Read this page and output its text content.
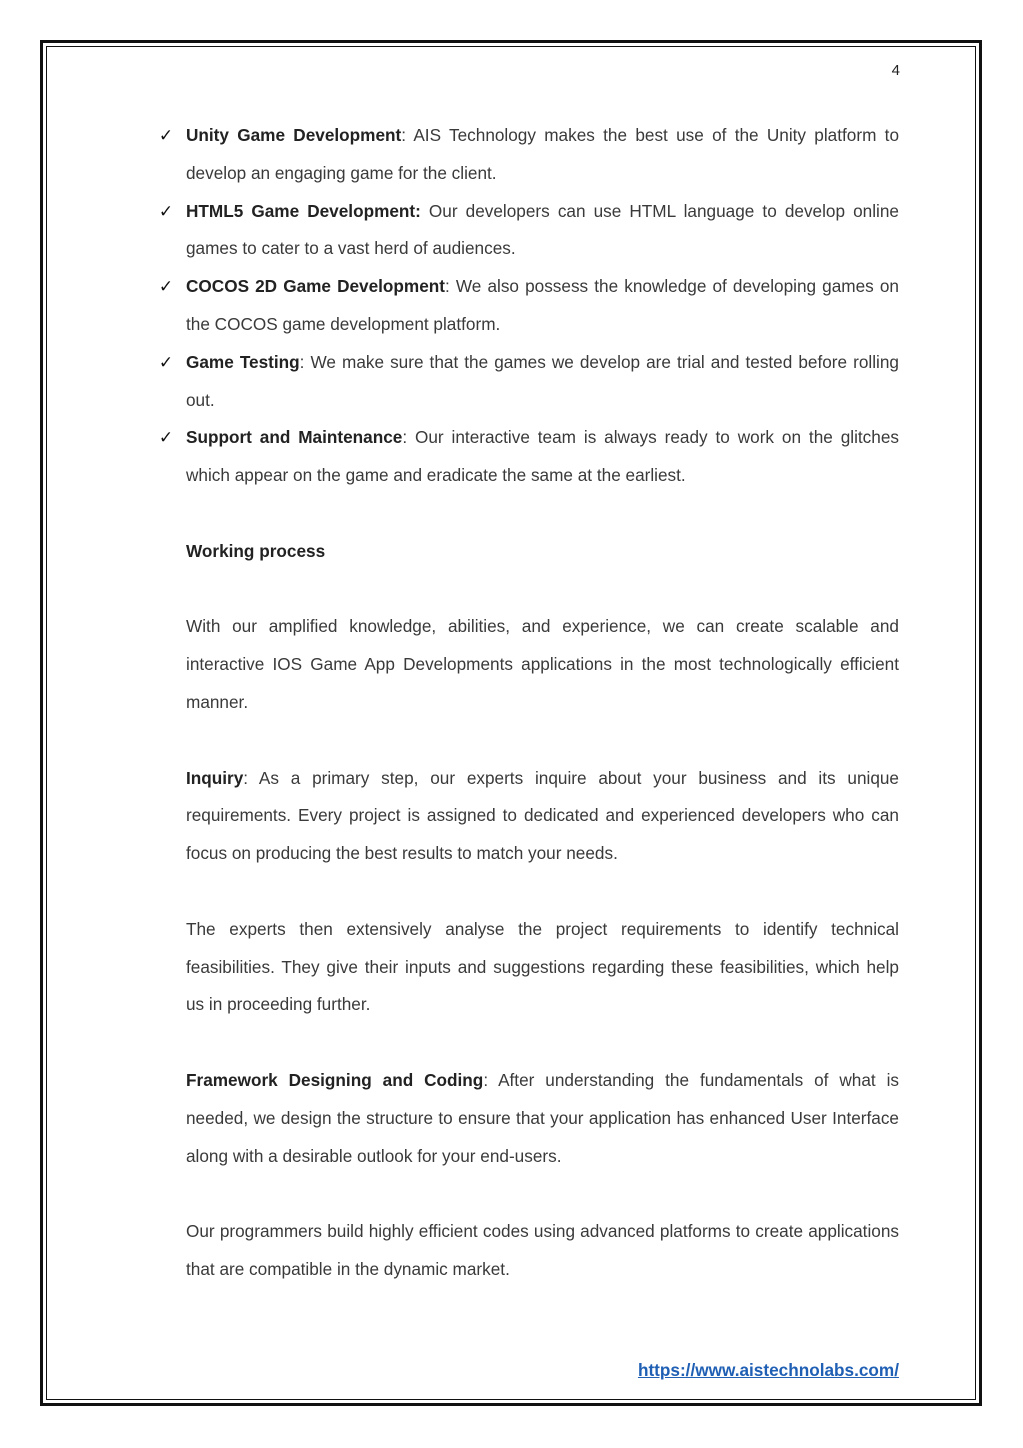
4
✓ Unity Game Development: AIS Technology makes the best use of the Unity platform to develop an engaging game for the client.
✓ HTML5 Game Development: Our developers can use HTML language to develop online games to cater to a vast herd of audiences.
✓ COCOS 2D Game Development: We also possess the knowledge of developing games on the COCOS game development platform.
✓ Game Testing: We make sure that the games we develop are trial and tested before rolling out.
✓ Support and Maintenance: Our interactive team is always ready to work on the glitches which appear on the game and eradicate the same at the earliest.

Working process

With our amplified knowledge, abilities, and experience, we can create scalable and interactive IOS Game App Developments applications in the most technologically efficient manner.

Inquiry: As a primary step, our experts inquire about your business and its unique requirements. Every project is assigned to dedicated and experienced developers who can focus on producing the best results to match your needs.

The experts then extensively analyse the project requirements to identify technical feasibilities. They give their inputs and suggestions regarding these feasibilities, which help us in proceeding further.

Framework Designing and Coding: After understanding the fundamentals of what is needed, we design the structure to ensure that your application has enhanced User Interface along with a desirable outlook for your end-users.

Our programmers build highly efficient codes using advanced platforms to create applications that are compatible in the dynamic market.

https://www.aistechnolabs.com/
